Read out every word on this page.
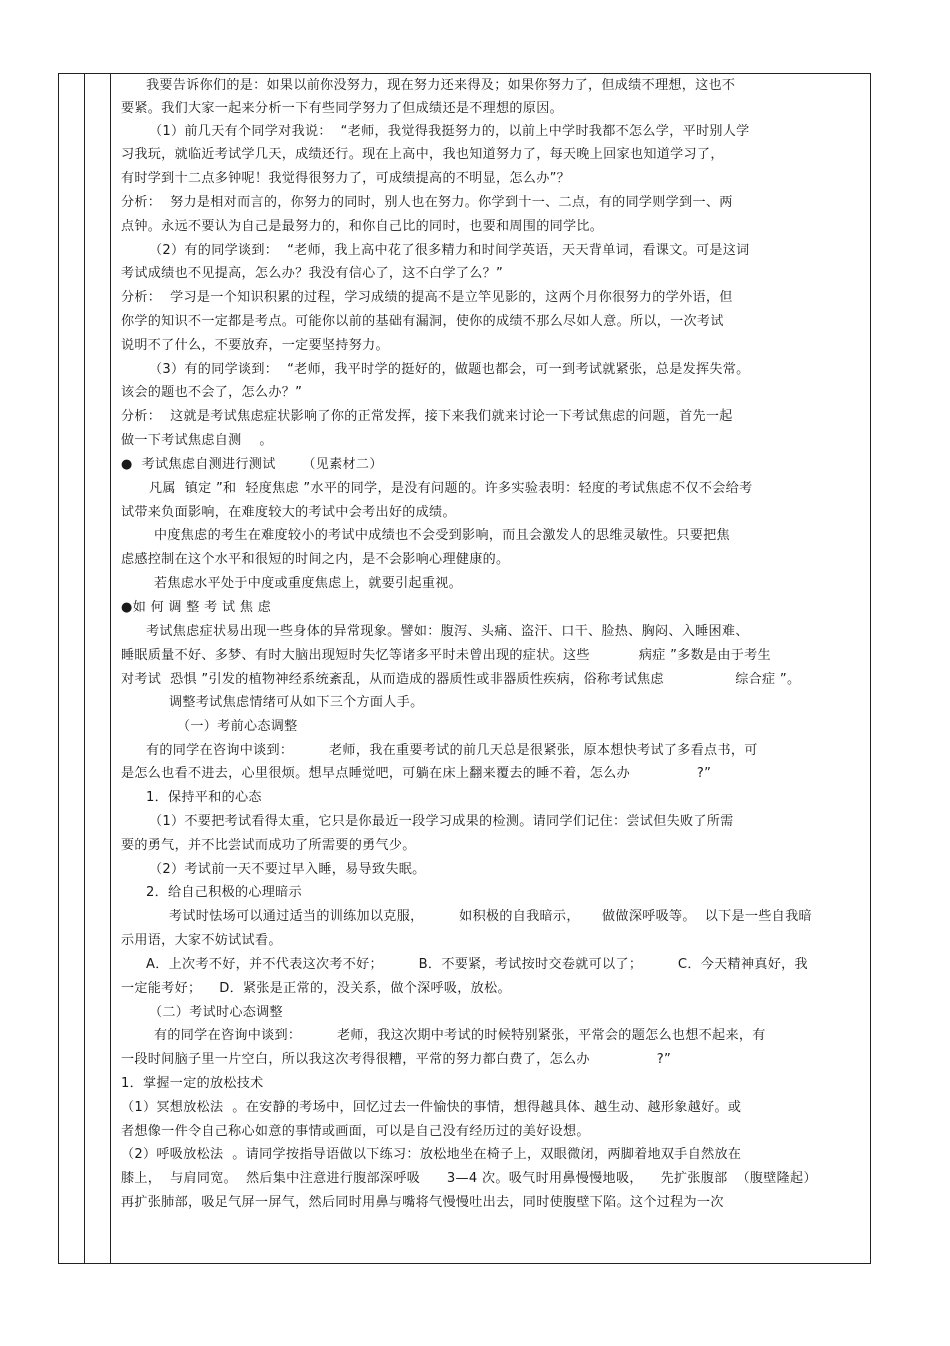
我要告诉你们的是：如果以前你没努力，现在努力还来得及；如果你努力了，但成绩不理想，这也不
要紧。我们大家一起来分析一下有些同学努力了但成绩还是不理想的原因。
（1）前几天有个同学对我说：  “老师，我觉得我挺努力的，以前上中学时我都不怎么学，平时别人学
习我玩，就临近考试学几天，成绩还行。现在上高中，我也知道努力了，每天晚上回家也知道学习了，
有时学到十二点多钟呢！我觉得很努力了，可成绩提高的不明显，怎么办”？
分析：  努力是相对而言的，你努力的同时，别人也在努力。你学到十一、二点，有的同学则学到一、两
点钟。永远不要认为自己是最努力的，和你自己比的同时，也要和周围的同学比。
（2）有的同学谈到：  “老师，我上高中花了很多精力和时间学英语，天天背单词，看课文。可是这词
考试成绩也不见提高，怎么办？我没有信心了，这不白学了么？”
分析：  学习是一个知识积累的过程，学习成绩的提高不是立竿见影的，这两个月你很努力的学外语，但
你学的知识不一定都是考点。可能你以前的基础有漏洞，使你的成绩不那么尽如人意。所以，一次考试
说明不了什么，不要放弃，一定要坚持努力。
（3）有的同学谈到：  “老师，我平时学的挺好的，做题也都会，可一到考试就紧张，总是发挥失常。
该会的题也不会了，怎么办？”
分析：  这就是考试焦虑症状影响了你的正常发挥，接下来我们就来讨论一下考试焦虑的问题，首先一起
做一下考试焦虑自测    。
●  考试焦虑自测进行测试      （见素材二）
凡属  镇定 ”和  轻度焦虑 ”水平的同学，是没有问题的。许多实验表明：轻度的考试焦虑不仅不会给考
试带来负面影响，在难度较大的考试中会考出好的成绩。
中度焦虑的考生在难度较小的考试中成绩也不会受到影响，而且会激发人的思维灵敏性。只要把焦
虑感控制在这个水平和很短的时间之内，是不会影响心理健康的。
若焦虑水平处于中度或重度焦虑上，就要引起重视。
●如 何 调 整 考 试 焦 虑
考试焦虑症状易出现一些身体的异常现象。譬如：腹泻、头痛、盗汗、口干、脸热、胸闷、入睡困难、
睡眠质量不好、多梦、有时大脑出现短时失忆等诸多平时未曾出现的症状。这些           病症 ”多数是由于考生
对考试  恐惧 ”引发的植物神经系统紊乱，从而造成的器质性或非器质性疾病，俗称考试焦虑                综合症 ”。
调整考试焦虑情绪可从如下三个方面人手。
（一）考前心态调整
有的同学在咨询中谈到：        老师，我在重要考试的前几天总是很紧张，原本想快考试了多看点书，可
是怎么也看不进去，心里很烦。想早点睡觉吧，可躺在床上翻来覆去的睡不着，怎么办               ?”
1．保持平和的心态
（1）不要把考试看得太重，它只是你最近一段学习成果的检测。请同学们记住：尝试但失败了所需
要的勇气，并不比尝试而成功了所需要的勇气少。
（2）考试前一天不要过早入睡，易导致失眠。
2．给自己积极的心理暗示
考试时怯场可以通过适当的训练加以克服，        如积极的自我暗示，     做做深呼吸等。  以下是一些自我暗
示用语，大家不妨试试看。
A．上次考不好，并不代表这次考不好；        B．不要紧，考试按时交卷就可以了；        C．今天精神真好，我
一定能考好；    D．紧张是正常的，没关系，做个深呼吸，放松。
（二）考试时心态调整
有的同学在咨询中谈到：        老师，我这次期中考试的时候特别紧张，平常会的题怎么也想不起来，有
一段时间脑子里一片空白，所以我这次考得很糟，平常的努力都白费了，怎么办               ?”
1．掌握一定的放松技术
（1）冥想放松法  。在安静的考场中，回忆过去一件愉快的事情，想得越具体、越生动、越形象越好。或
者想像一件令自己称心如意的事情或画面，可以是自己没有经历过的美好设想。
（2）呼吸放松法  。请同学按指导语做以下练习：放松地坐在椅子上，双眼微闭，两脚着地双手自然放在
膝上，  与肩同宽。  然后集中注意进行腹部深呼吸      3—4 次。吸气时用鼻慢慢地吸，    先扩张腹部  （腹壁隆起）
再扩张肺部，吸足气屏一屏气，然后同时用鼻与嘴将气慢慢吐出去，同时使腹壁下陷。这个过程为一次
